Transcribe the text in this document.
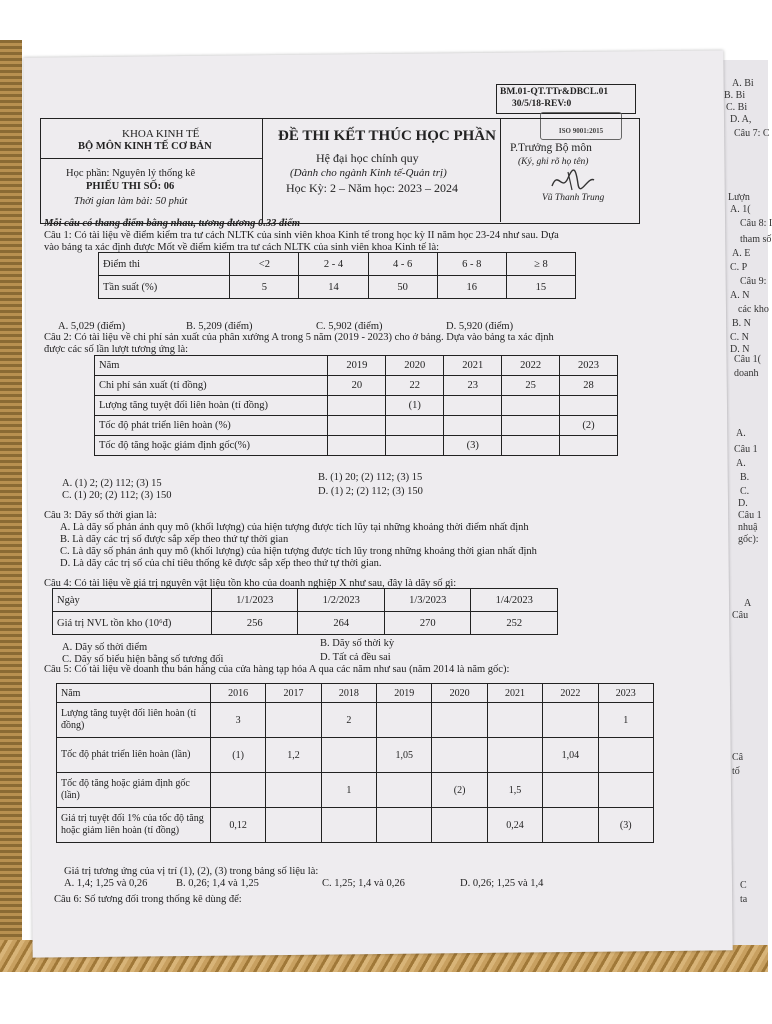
BM.01-QT.TTr&DBCL.01
30/5/18-REV:0
ISO 9001:2015
KHOA KINH TẾ
BỘ MÔN KINH TẾ CƠ BẢN
Học phần: Nguyên lý thống kê
PHIẾU THI SỐ: 06
Thời gian làm bài: 50 phút
ĐỀ THI KẾT THÚC HỌC PHẦN
Hệ đại học chính quy
(Dành cho ngành Kinh tế-Quản trị)
Học Kỳ: 2 – Năm học: 2023 – 2024
P.Trưởng Bộ môn
(Ký, ghi rõ họ tên)
Vũ Thanh Trung
Mỗi câu có thang điểm bằng nhau, tương đương 0.33 điểm
Câu 1: Có tài liệu về điểm kiểm tra tư cách NLTK của sinh viên khoa Kinh tế trong học kỳ II năm học 23-24 như sau. Dựa
vào bảng ta xác định được Mốt về điểm kiểm tra tư cách NLTK của sinh viên khoa Kinh tế là:
Điểm thi	<2	2 - 4	4 - 6	6 - 8	≥ 8
Tần suất (%)	5	14	50	16	15
Câu 2: Có tài liệu về chi phí sản xuất của phân xưởng A trong 5 năm (2019 - 2023) cho ở bảng. Dựa vào bảng ta xác định
được các số lần lượt tương ứng là:
Năm	2019	2020	2021	2022	2023
Chi phí sản xuất (tỉ đồng)	20	22	23	25	28
Lượng tăng tuyệt đối liên hoàn (tỉ đồng)		(1)			
Tốc độ phát triển liên hoàn (%)					(2)
Tốc độ tăng hoặc giảm định gốc(%)			(3)		
Câu 3: Dãy số thời gian là:
Câu 4: Có tài liệu về giá trị nguyên vật liệu tồn kho của doanh nghiệp X như sau, đây là dãy số gì:
Ngày	1/1/2023	1/2/2023	1/3/2023	1/4/2023
Giá trị NVL tồn kho (10⁶đ)	256	264	270	252
Câu 5: Có tài liệu về doanh thu bán hàng của cửa hàng tạp hóa A qua các năm như sau (năm 2014 là năm gốc):
Năm	2016	2017	2018	2019	2020	2021	2022	2023
Lượng tăng tuyệt đối liên hoàn (tỉ đồng)	3		2					1
Tốc độ phát triển liên hoàn (lần)	(1)	1,2		1,05			1,04	
Tốc độ tăng hoặc giảm định gốc (lần)			1		(2)	1,5		
Giá trị tuyệt đối 1% của tốc độ tăng hoặc giảm liên hoàn (tỉ đồng)	0,12					0,24		(3)
Giá trị tương ứng của vị trí (1), (2), (3) trong bảng số liệu là:
Câu 6: Số tương đối trong thống kê dùng để:
A. Bi
B. Bi
C. Bi
D. A,
Câu 7: C
Lượn
A. 1(
Câu 8: I
tham số
A. E
C. P
Câu 9:
A. N
các kho
B. N
C. N
D. N
Câu 1(
doanh
A.
Câu 1
A.
B.
C.
D.
Câu 1
nhuậ
gốc):
A
Câu
Câ
tố
C
ta
A. 5,029 (điểm)	B. 5,209 (điểm)	C. 5,902 (điểm)	D. 5,920 (điểm)
A. (1) 2; (2) 112; (3) 15
B. (1) 20; (2) 112; (3) 15
C. (1) 20; (2) 112; (3) 150	D. (1) 2; (2) 112; (3) 150
A. Là dãy số phản ánh quy mô (khối lượng) của hiện tượng được tích lũy tại những khoảng thời điểm nhất định
B. Là dãy các trị số được sắp xếp theo thứ tự thời gian
C. Là dãy số phản ánh quy mô (khối lượng) của hiện tượng được tích lũy trong những khoảng thời gian nhất định
D. Là dãy các trị số của chỉ tiêu thống kê được sắp xếp theo thứ tự thời gian.
A. Dãy số thời điểm	B. Dãy số thời kỳ
C. Dãy số biểu hiện bằng số tương đối	D. Tất cả đều sai
A. 1,4; 1,25 và 0,26	B. 0,26; 1,4 và 1,25	C. 1,25; 1,4 và 0,26	D. 0,26; 1,25 và 1,4
